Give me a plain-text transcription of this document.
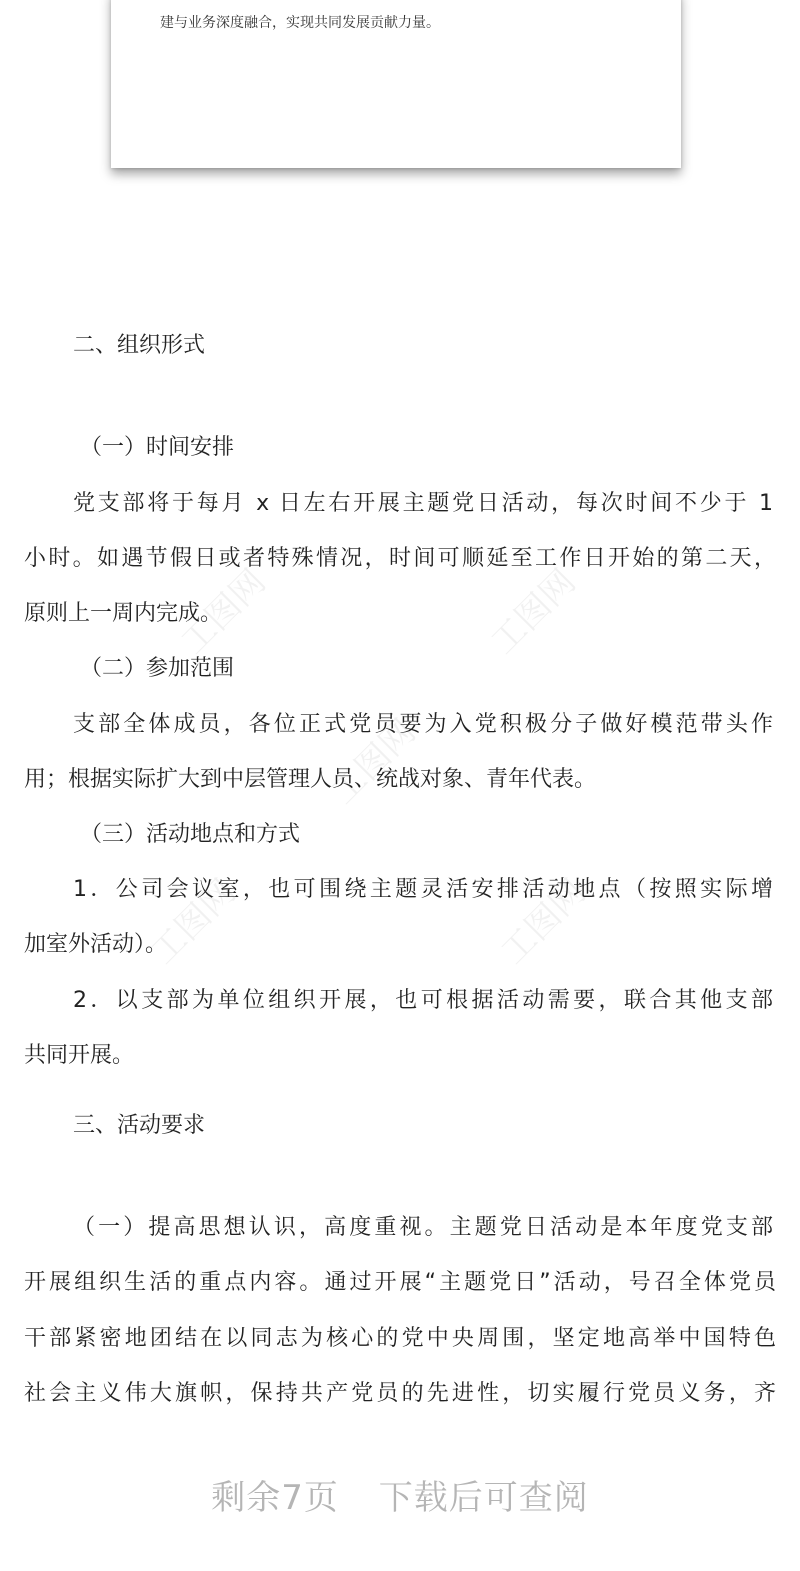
建与业务深度融合，实现共同发展贡献力量。
工图网	工图网
工图网
工图网	工图网
二、组织形式
（一）时间安排
党支部将于每月 x 日左右开展主题党日活动，每次时间不少于 1
小时。如遇节假日或者特殊情况，时间可顺延至工作日开始的第二天，
原则上一周内完成。
（二）参加范围
支部全体成员，各位正式党员要为入党积极分子做好模范带头作
用；根据实际扩大到中层管理人员、统战对象、青年代表。
（三）活动地点和方式
1．公司会议室，也可围绕主题灵活安排活动地点（按照实际增
加室外活动）。
2．以支部为单位组织开展，也可根据活动需要，联合其他支部
共同开展。
三、活动要求
（一）提高思想认识，高度重视。主题党日活动是本年度党支部
开展组织生活的重点内容。通过开展“主题党日”活动，号召全体党员
干部紧密地团结在以同志为核心的党中央周围，坚定地高举中国特色
社会主义伟大旗帜，保持共产党员的先进性，切实履行党员义务，齐
剩余7页 下载后可查阅
